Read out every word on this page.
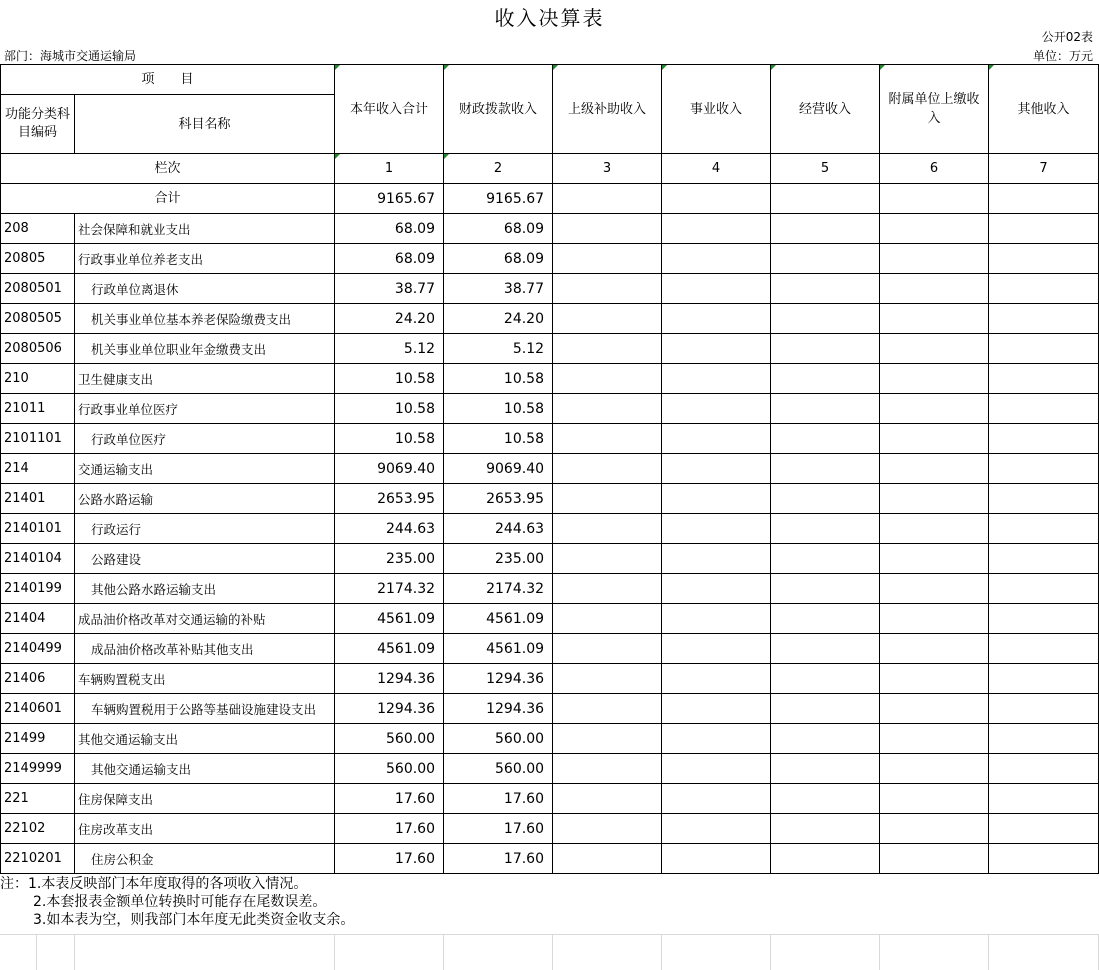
收入决算表
公开02表
部门：海城市交通运输局	单位：万元
项　　目		本年收入合计	财政拨款收入	上级补助收入	事业收入	经营收入	附属单位上缴收入	其他收入
功能分类科目编码	科目名称							
栏次		1	2	3	4	5	6	7
合计		9165.67	9165.67					
208	社会保障和就业支出	68.09	68.09					
20805	行政事业单位养老支出	68.09	68.09					
2080501	行政单位离退休	38.77	38.77					
2080505	机关事业单位基本养老保险缴费支出	24.20	24.20					
2080506	机关事业单位职业年金缴费支出	5.12	5.12					
210	卫生健康支出	10.58	10.58					
21011	行政事业单位医疗	10.58	10.58					
2101101	行政单位医疗	10.58	10.58					
214	交通运输支出	9069.40	9069.40					
21401	公路水路运输	2653.95	2653.95					
2140101	行政运行	244.63	244.63					
2140104	公路建设	235.00	235.00					
2140199	其他公路水路运输支出	2174.32	2174.32					
21404	成品油价格改革对交通运输的补贴	4561.09	4561.09					
2140499	成品油价格改革补贴其他支出	4561.09	4561.09					
21406	车辆购置税支出	1294.36	1294.36					
2140601	车辆购置税用于公路等基础设施建设支出	1294.36	1294.36					
21499	其他交通运输支出	560.00	560.00					
2149999	其他交通运输支出	560.00	560.00					
221	住房保障支出	17.60	17.60					
22102	住房改革支出	17.60	17.60					
2210201	住房公积金	17.60	17.60					
注：1.本表反映部门本年度取得的各项收入情况。
2.本套报表金额单位转换时可能存在尾数误差。
3.如本表为空，则我部门本年度无此类资金收支余。
